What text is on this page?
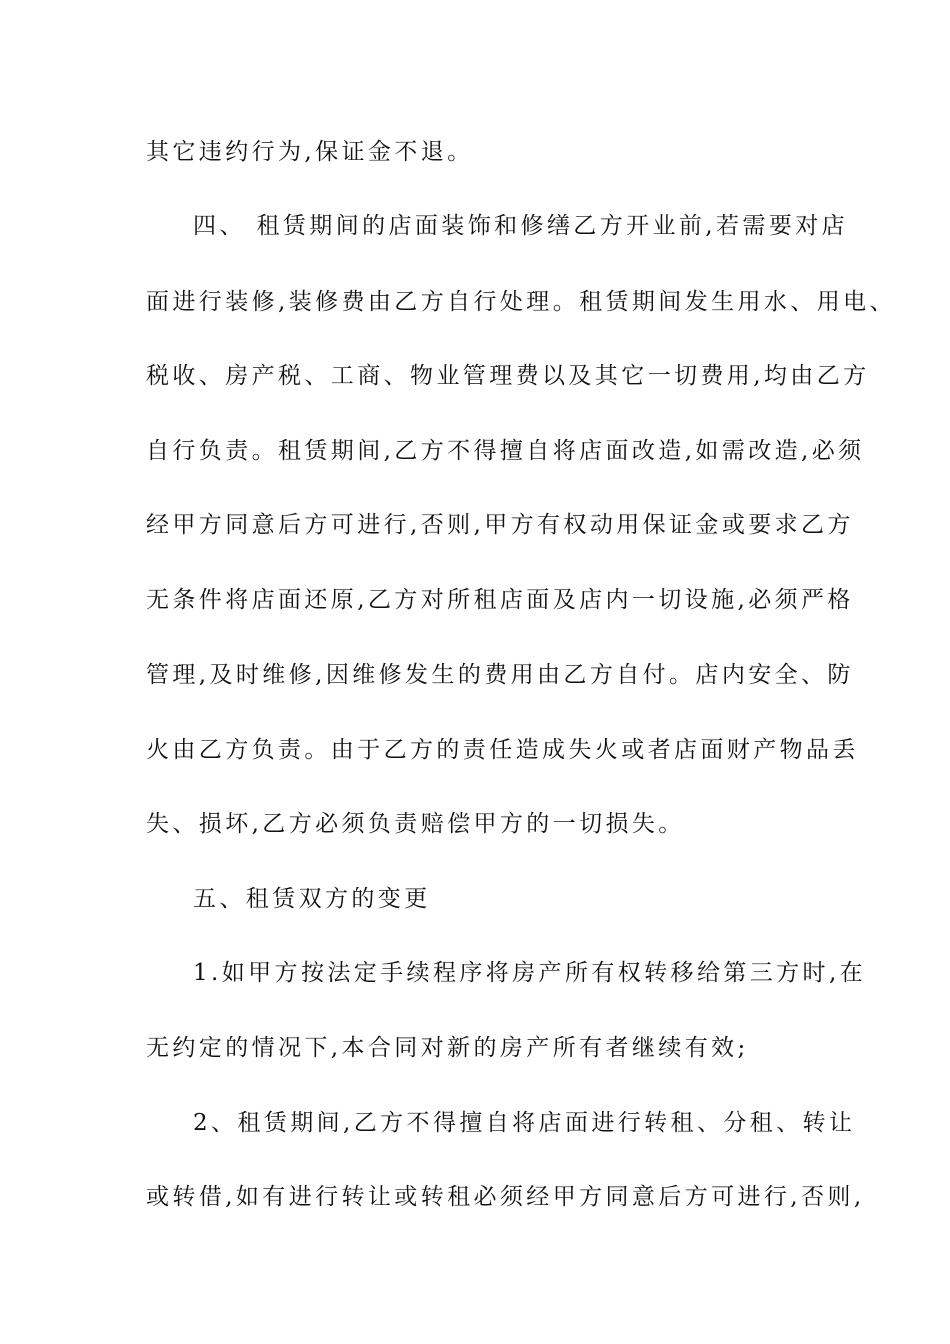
其它违约行为,保证金不退。
四、 租赁期间的店面装饰和修缮乙方开业前,若需要对店
面进行装修,装修费由乙方自行处理。租赁期间发生用水、用电、
税收、房产税、工商、物业管理费以及其它一切费用,均由乙方
自行负责。租赁期间,乙方不得擅自将店面改造,如需改造,必须
经甲方同意后方可进行,否则,甲方有权动用保证金或要求乙方
无条件将店面还原,乙方对所租店面及店内一切设施,必须严格
管理,及时维修,因维修发生的费用由乙方自付。店内安全、防
火由乙方负责。由于乙方的责任造成失火或者店面财产物品丢
失、损坏,乙方必须负责赔偿甲方的一切损失。
五、租赁双方的变更
1.如甲方按法定手续程序将房产所有权转移给第三方时,在
无约定的情况下,本合同对新的房产所有者继续有效;
2、租赁期间,乙方不得擅自将店面进行转租、分租、转让
或转借,如有进行转让或转租必须经甲方同意后方可进行,否则,
